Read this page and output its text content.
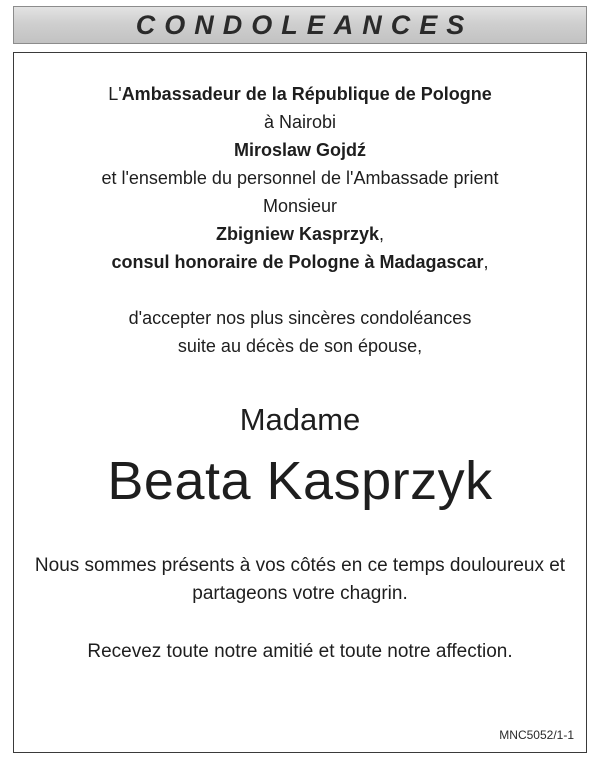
CONDOLEANCES
L'Ambassadeur de la République de Pologne
à Nairobi
Miroslaw Gojdź
et l'ensemble du personnel de l'Ambassade prient
Monsieur
Zbigniew Kasprzyk,
consul honoraire de Pologne à Madagascar,
d'accepter nos plus sincères condoléances
suite au décès de son épouse,
Madame
Beata Kasprzyk
Nous sommes présents à vos côtés en ce temps douloureux et
partageons votre chagrin.
Recevez toute notre amitié et toute notre affection.
MNC5052/1-1
